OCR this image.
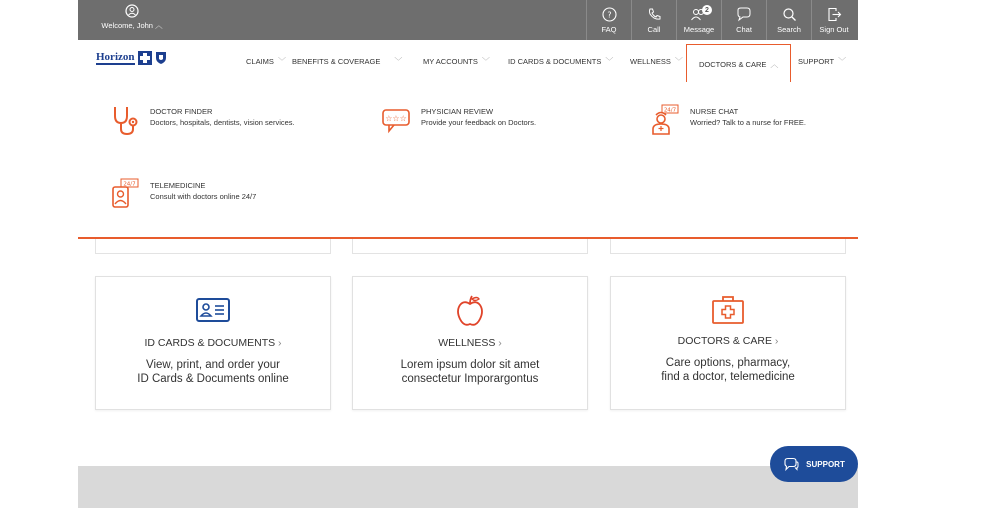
Welcome, John ︿
?
FAQ	Call
2
Message	Chat	Search Sign Out
Horizon	CLAIMS ﹀ BENEFITS & COVERAGE ﹀	MY ACCOUNTS ﹀ ID CARDS & DOCUMENTS ﹀ WELLNESS ﹀ DOCTORS & CARE ︿	SUPPORT ﹀
DOCTOR FINDER
Doctors, hospitals, dentists, vision services.	☆☆☆
PHYSICIAN REVIEW
Provide your feedback on Doctors.
24/7 NURSE CHAT
Worried? Talk to a nurse for FREE.
24/7 TELEMEDICINE
Consult with doctors online 24/7
ID CARDS & DOCUMENTS ›
View, print, and order your
ID Cards & Documents online
WELLNESS ›
Lorem ipsum dolor sit amet
consectetur Imporargontus
DOCTORS & CARE ›
Care options, pharmacy,
find a doctor, telemedicine
SUPPORT
